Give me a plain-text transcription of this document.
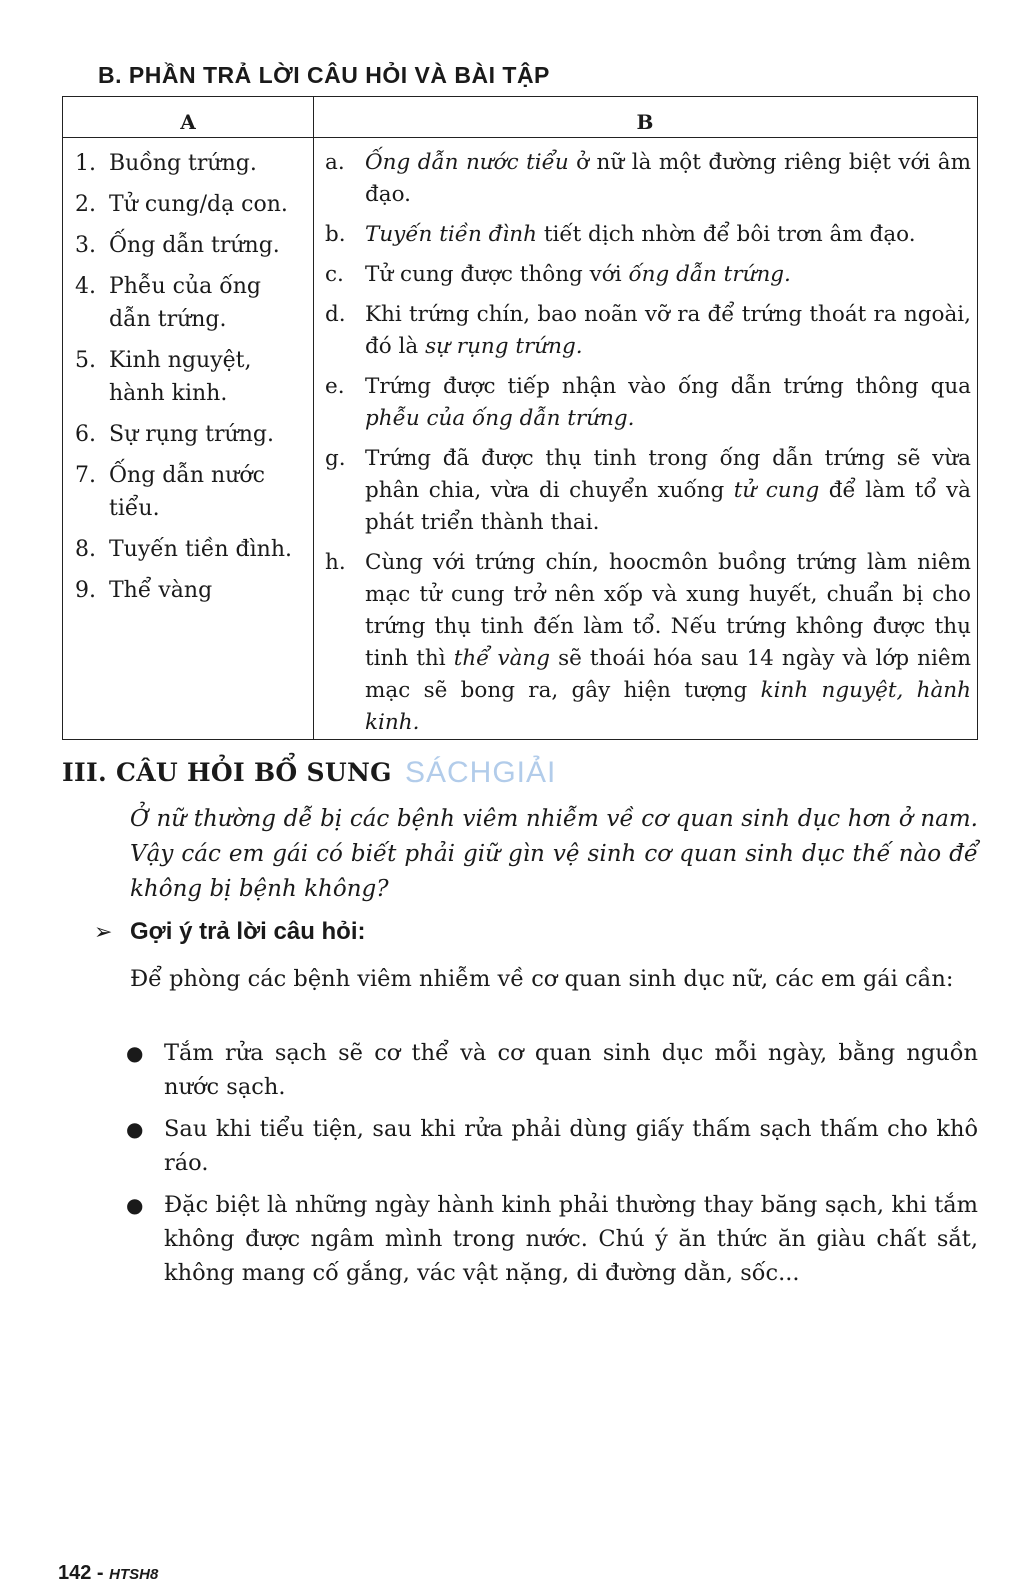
B. PHẦN TRẢ LỜI CÂU HỎI VÀ BÀI TẬP
A	B
1. Buồng trứng.
2. Tử cung/dạ con.
3. Ống dẫn trứng.
4. Phễu của ống dẫn trứng.
5. Kinh nguyệt, hành kinh.
6. Sự rụng trứng.
7. Ống dẫn nước tiểu.
8. Tuyến tiền đình.
9. Thể vàng
a. Ống dẫn nước tiểu ở nữ là một đường riêng biệt với âm đạo.
b. Tuyến tiền đình tiết dịch nhờn để bôi trơn âm đạo.
c. Tử cung được thông với ống dẫn trứng.
d. Khi trứng chín, bao noãn vỡ ra để trứng thoát ra ngoài, đó là sự rụng trứng.
e. Trứng được tiếp nhận vào ống dẫn trứng thông qua phễu của ống dẫn trứng.
g. Trứng đã được thụ tinh trong ống dẫn trứng sẽ vừa phân chia, vừa di chuyển xuống tử cung để làm tổ và phát triển thành thai.
h. Cùng với trứng chín, hoocmôn buồng trứng làm niêm mạc tử cung trở nên xốp và xung huyết, chuẩn bị cho trứng thụ tinh đến làm tổ. Nếu trứng không được thụ tinh thì thể vàng sẽ thoái hóa sau 14 ngày và lớp niêm mạc sẽ bong ra, gây hiện tượng kinh nguyệt, hành kinh.
III. CÂU HỎI BỔ SUNG SÁCHGIẢI
Ở nữ thường dễ bị các bệnh viêm nhiễm về cơ quan sinh dục hơn ở nam. Vậy các em gái có biết phải giữ gìn vệ sinh cơ quan sinh dục thế nào để không bị bệnh không?
➢ Gợi ý trả lời câu hỏi:
Để phòng các bệnh viêm nhiễm về cơ quan sinh dục nữ, các em gái cần:
● Tắm rửa sạch sẽ cơ thể và cơ quan sinh dục mỗi ngày, bằng nguồn nước sạch.
● Sau khi tiểu tiện, sau khi rửa phải dùng giấy thấm sạch thấm cho khô ráo.
● Đặc biệt là những ngày hành kinh phải thường thay băng sạch, khi tắm không được ngâm mình trong nước. Chú ý ăn thức ăn giàu chất sắt, không mang cố gắng, vác vật nặng, di đường dằn, sốc...
142 - HTSH8
